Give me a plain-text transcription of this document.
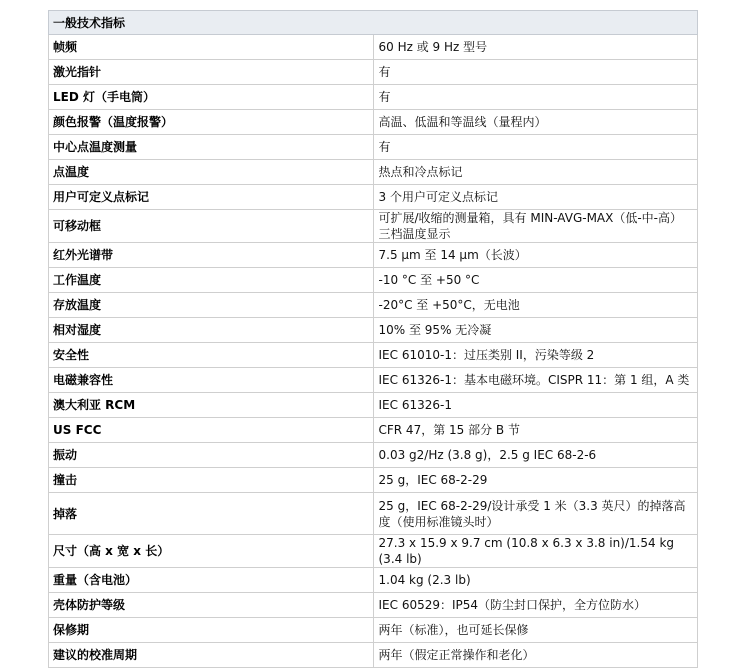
一般技术指标	
帧频	60 Hz 或 9 Hz 型号
激光指针	有
LED 灯（手电筒）	有
颜色报警（温度报警）	高温、低温和等温线（量程内）
中心点温度测量	有
点温度	热点和冷点标记
用户可定义点标记	3 个用户可定义点标记
可移动框	可扩展/收缩的测量箱，具有 MIN-AVG-MAX（低-中-高）三档温度显示
红外光谱带	7.5 μm 至 14 μm（长波）
工作温度	-10 °C 至 +50 °C
存放温度	-20°C 至 +50°C，无电池
相对湿度	10% 至 95% 无冷凝
安全性	IEC 61010-1：过压类别 II，污染等级 2
电磁兼容性	IEC 61326-1：基本电磁环境。CISPR 11：第 1 组，A 类
澳大利亚 RCM	IEC 61326-1
US FCC	CFR 47，第 15 部分 B 节
振动	0.03 g2/Hz (3.8 g)，2.5 g IEC 68-2-6
撞击	25 g，IEC 68-2-29
掉落	25 g，IEC 68-2-29/设计承受 1 米（3.3 英尺）的掉落高度（使用标准镜头时）
尺寸（高 x 宽 x 长）	27.3 x 15.9 x 9.7 cm (10.8 x 6.3 x 3.8 in)/1.54 kg (3.4 lb)
重量（含电池）	1.04 kg (2.3 lb)
壳体防护等级	IEC 60529：IP54（防尘封口保护，全方位防水）
保修期	两年（标准），也可延长保修
建议的校准周期	两年（假定正常操作和老化）
